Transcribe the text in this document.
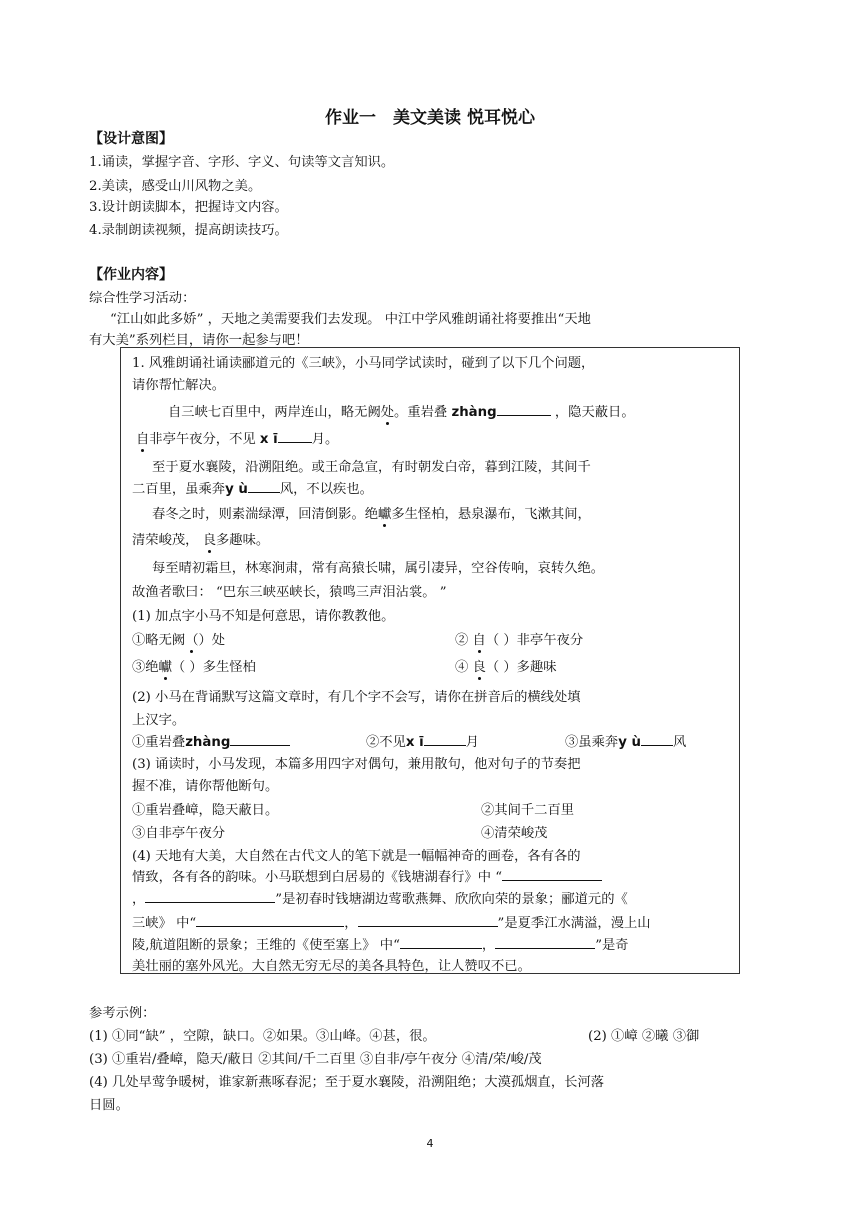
作业一　美文美读 悦耳悦心
【设计意图】
1.诵读，掌握字音、字形、字义、句读等文言知识。
2.美读，感受山川风物之美。
3.设计朗读脚本，把握诗文内容。
4.录制朗读视频，提高朗读技巧。
【作业内容】
综合性学习活动：
“江山如此多娇” ，天地之美需要我们去发现。 中江中学风雅朗诵社将要推出“天地
有大美”系列栏目，请你一起参与吧！
1. 风雅朗诵社诵读郦道元的《三峡》，小马同学试读时，碰到了以下几个问题，
请你帮忙解决。
自三峡七百里中，两岸连山，略无阙处。重岩叠 zhàng	，隐天蔽日。
自非亭午夜分，不见 x ī	月。
至于夏水襄陵，沿溯阻绝。或王命急宣，有时朝发白帝，暮到江陵，其间千
二百里，虽乘奔y ù 风，不以疾也。
春冬之时，则素湍绿潭，回清倒影。绝巘多生怪柏，悬泉瀑布，飞漱其间，
清荣峻茂， 良多趣味。
每至晴初霜旦，林寒涧肃，常有高猿长啸，属引凄异，空谷传响，哀转久绝。
故渔者歌曰： “巴东三峡巫峡长，猿鸣三声泪沾裳。 ”
(1) 加点字小马不知是何意思，请你教教他。
①略无阙（）处	② 自（ ）非亭午夜分
③绝巘（ ）多生怪柏	④ 良（ ）多趣味
(2) 小马在背诵默写这篇文章时，有几个字不会写，请你在拼音后的横线处填
上汉字。
①重岩叠zhàng	②不见x ī	月	③虽乘奔y ù 风
(3) 诵读时，小马发现，本篇多用四字对偶句，兼用散句，他对句子的节奏把
握不准，请你帮他断句。
①重岩叠嶂，隐天蔽日。	②其间千二百里
③自非亭午夜分	④清荣峻茂
(4) 天地有大美，大自然在古代文人的笔下就是一幅幅神奇的画卷，各有各的
情致，各有各的韵味。小马联想到白居易的《钱塘湖春行》中 “
，	”是初春时钱塘湖边莺歌燕舞、欣欣向荣的景象；郦道元的《
三峡》 中“	，	”是夏季江水满溢，漫上山
陵,航道阻断的景象；王维的《使至塞上》 中“	，	”是奇
美壮丽的塞外风光。大自然无穷无尽的美各具特色，让人赞叹不已。
参考示例：
(1) ①同“缺” ，空隙，缺口。②如果。③山峰。④甚，很。	(2) ①嶂 ②曦 ③御
(3) ①重岩/叠嶂，隐天/蔽日 ②其间/千二百里 ③自非/亭午夜分 ④清/荣/峻/茂
(4) 几处早莺争暖树，谁家新燕啄春泥；至于夏水襄陵，沿溯阻绝；大漠孤烟直，长河落
日圆。
4
